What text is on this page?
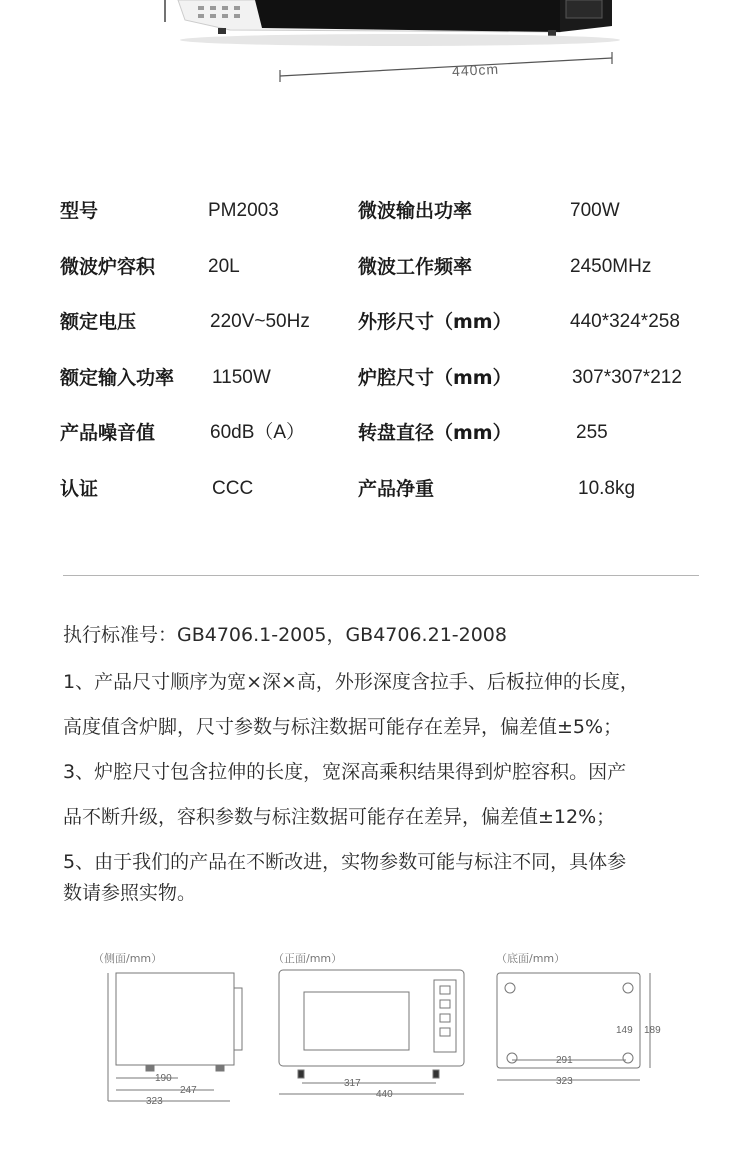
440cm
型号	PM2003	微波输出功率	700W
微波炉容积	20L	微波工作频率	2450MHz
额定电压	220V~50Hz	外形尺寸（mm）	440*324*258
额定输入功率 1150W	炉腔尺寸（mm）	307*307*212
产品噪音值	60dB（A）	转盘直径（mm）	255
认证	CCC	产品净重	10.8kg
执行标准号：GB4706.1-2005，GB4706.21-2008
1、产品尺寸顺序为宽×深×高，外形深度含拉手、后板拉伸的长度，
高度值含炉脚，尺寸参数与标注数据可能存在差异，偏差值±5%；
3、炉腔尺寸包含拉伸的长度，宽深高乘积结果得到炉腔容积。因产
品不断升级，容积参数与标注数据可能存在差异，偏差值±12%；
5、由于我们的产品在不断改进，实物参数可能与标注不同，具体参
数请参照实物。
（侧面/mm）	（正面/mm）	（底面/mm）
190
247
323
317
440
149 189
291
323
